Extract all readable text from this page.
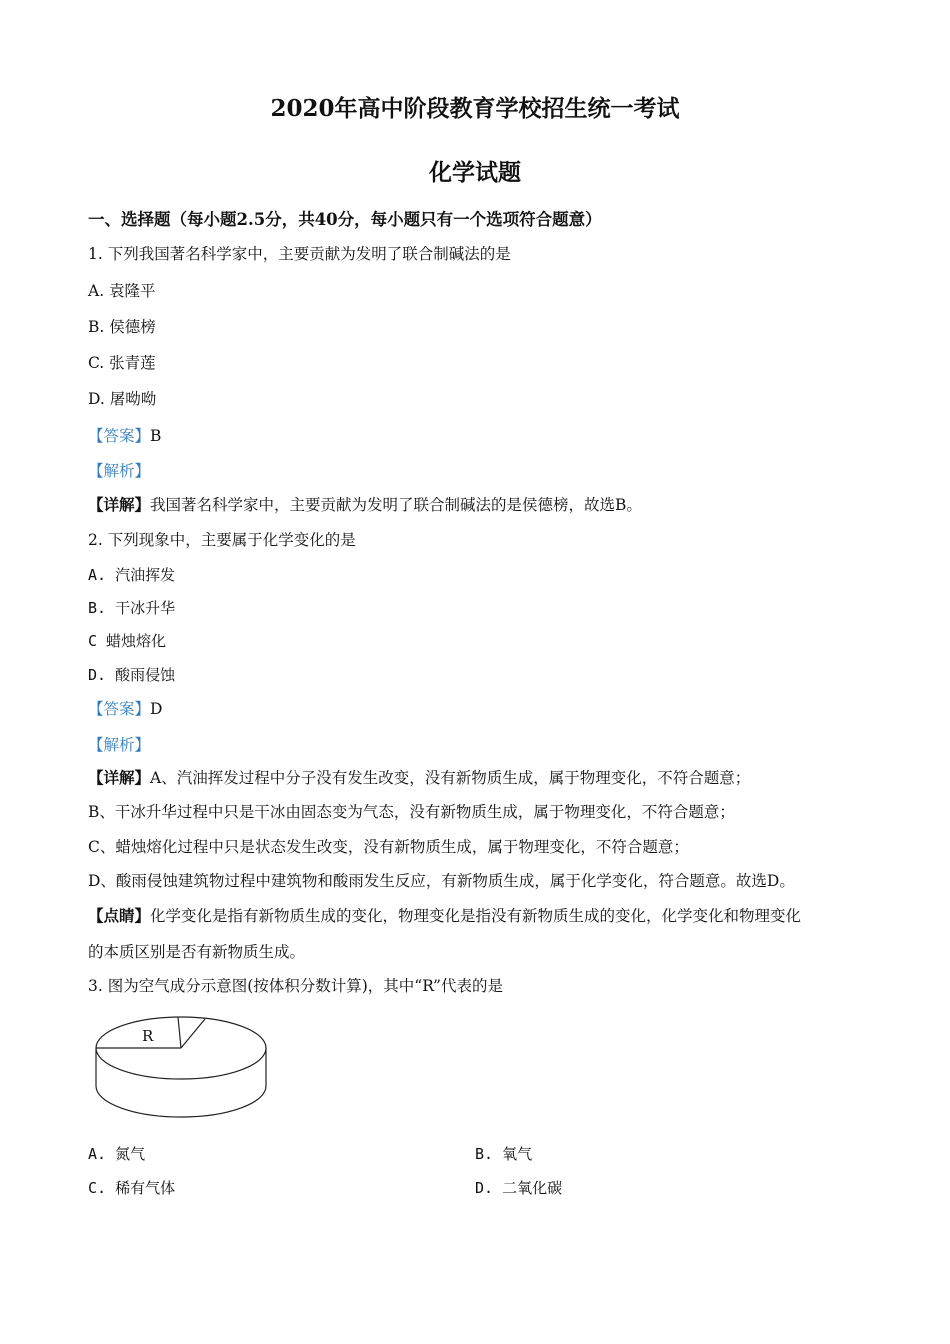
2020年高中阶段教育学校招生统一考试
化学试题
一、选择题（每小题2.5分，共40分，每小题只有一个选项符合题意）
1. 下列我国著名科学家中，主要贡献为发明了联合制碱法的是
A. 袁隆平
B. 侯德榜
C. 张青莲
D. 屠呦呦
【答案】B
【解析】
【详解】我国著名科学家中，主要贡献为发明了联合制碱法的是侯德榜，故选B。
2. 下列现象中，主要属于化学变化的是
A. 汽油挥发
B. 干冰升华
C 蜡烛熔化
D. 酸雨侵蚀
【答案】D
【解析】
【详解】A、汽油挥发过程中分子没有发生改变，没有新物质生成，属于物理变化，不符合题意；
B、干冰升华过程中只是干冰由固态变为气态，没有新物质生成，属于物理变化，不符合题意；
C、蜡烛熔化过程中只是状态发生改变，没有新物质生成，属于物理变化，不符合题意；
D、酸雨侵蚀建筑物过程中建筑物和酸雨发生反应，有新物质生成，属于化学变化，符合题意。故选D。
【点睛】化学变化是指有新物质生成的变化，物理变化是指没有新物质生成的变化，化学变化和物理变化
的本质区别是否有新物质生成。
3. 图为空气成分示意图(按体积分数计算)，其中“R”代表的是
R
A. 氮气	B. 氧气
C. 稀有气体	D. 二氧化碳
